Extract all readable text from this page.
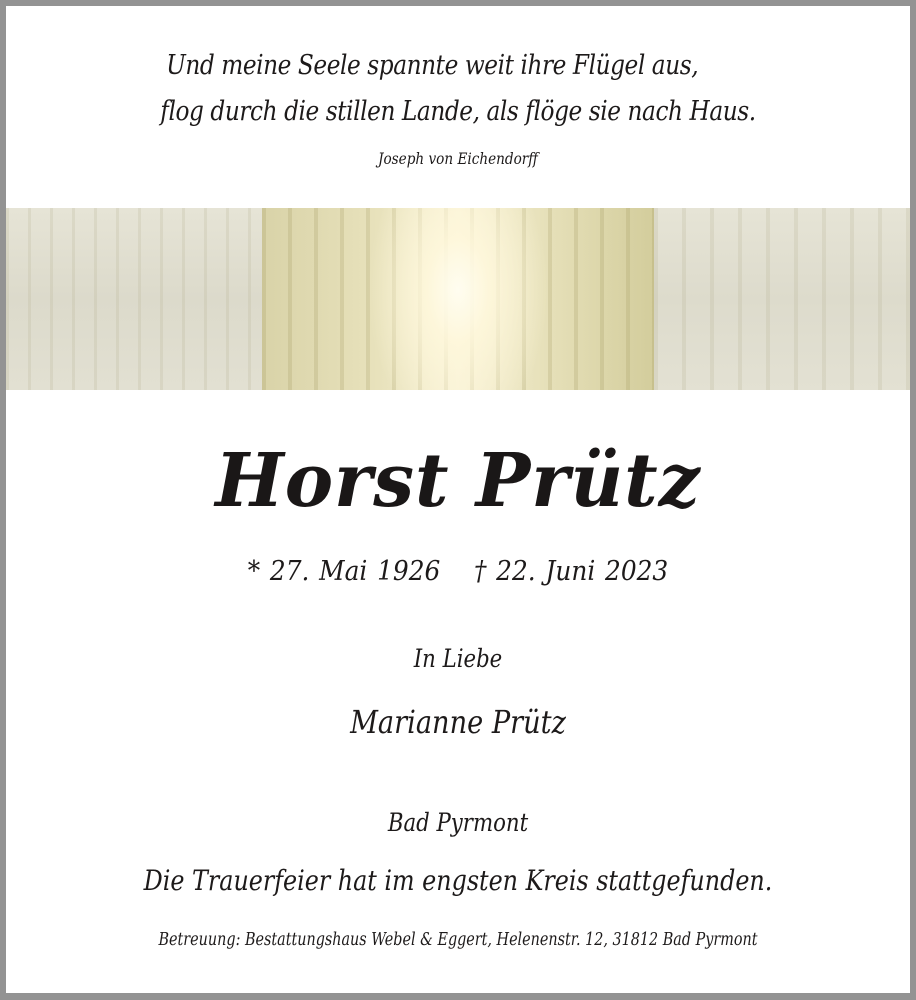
Und meine Seele spannte weit ihre Flügel aus,
flog durch die stillen Lande, als flöge sie nach Haus.
Joseph von Eichendorff
Horst Prütz
* 27. Mai 1926 † 22. Juni 2023
In Liebe
Marianne Prütz
Bad Pyrmont
Die Trauerfeier hat im engsten Kreis stattgefunden.
Betreuung: Bestattungshaus Webel & Eggert, Helenenstr. 12, 31812 Bad Pyrmont
